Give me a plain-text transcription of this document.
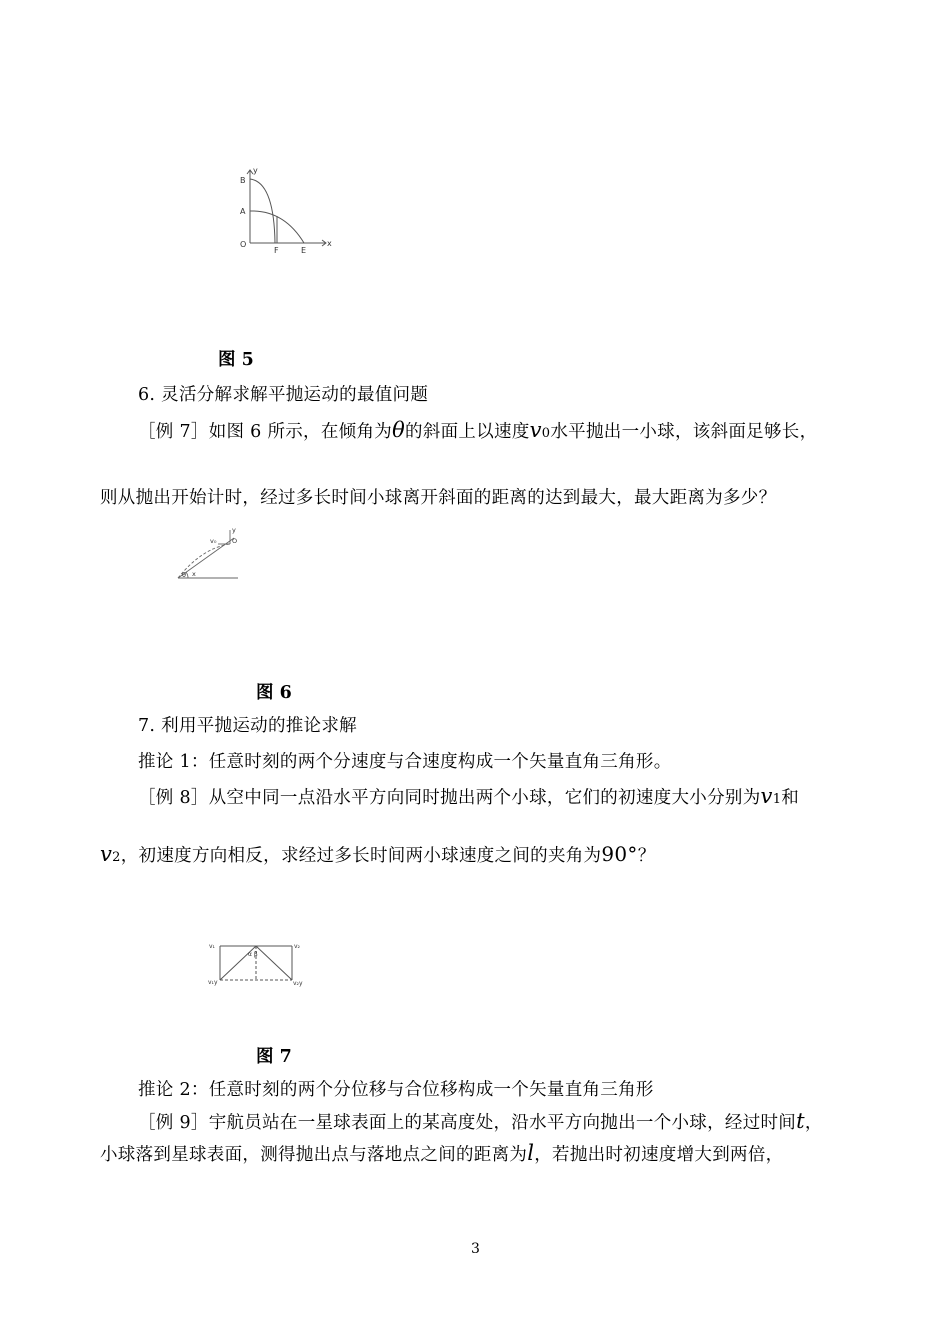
y
x
B
A
O
F	E
图 5
6. 灵活分解求解平抛运动的最值问题
［例 7］如图 6 所示，在倾角为θ的斜面上以速度v0水平抛出一小球，该斜面足够长，
则从抛出开始计时，经过多长时间小球离开斜面的距离的达到最大，最大距离为多少？
v₀ O
y
x
θ
图 6
7. 利用平抛运动的推论求解
推论 1：任意时刻的两个分速度与合速度构成一个矢量直角三角形。
［例 8］从空中同一点沿水平方向同时抛出两个小球，它们的初速度大小分别为v1和
v2，初速度方向相反，求经过多长时间两小球速度之间的夹角为90°？
v₁	v₂
v₁y	v₂y
α β
图 7
推论 2：任意时刻的两个分位移与合位移构成一个矢量直角三角形
［例 9］宇航员站在一星球表面上的某高度处，沿水平方向抛出一个小球，经过时间t，
小球落到星球表面，测得抛出点与落地点之间的距离为l，若抛出时初速度增大到两倍，
3
